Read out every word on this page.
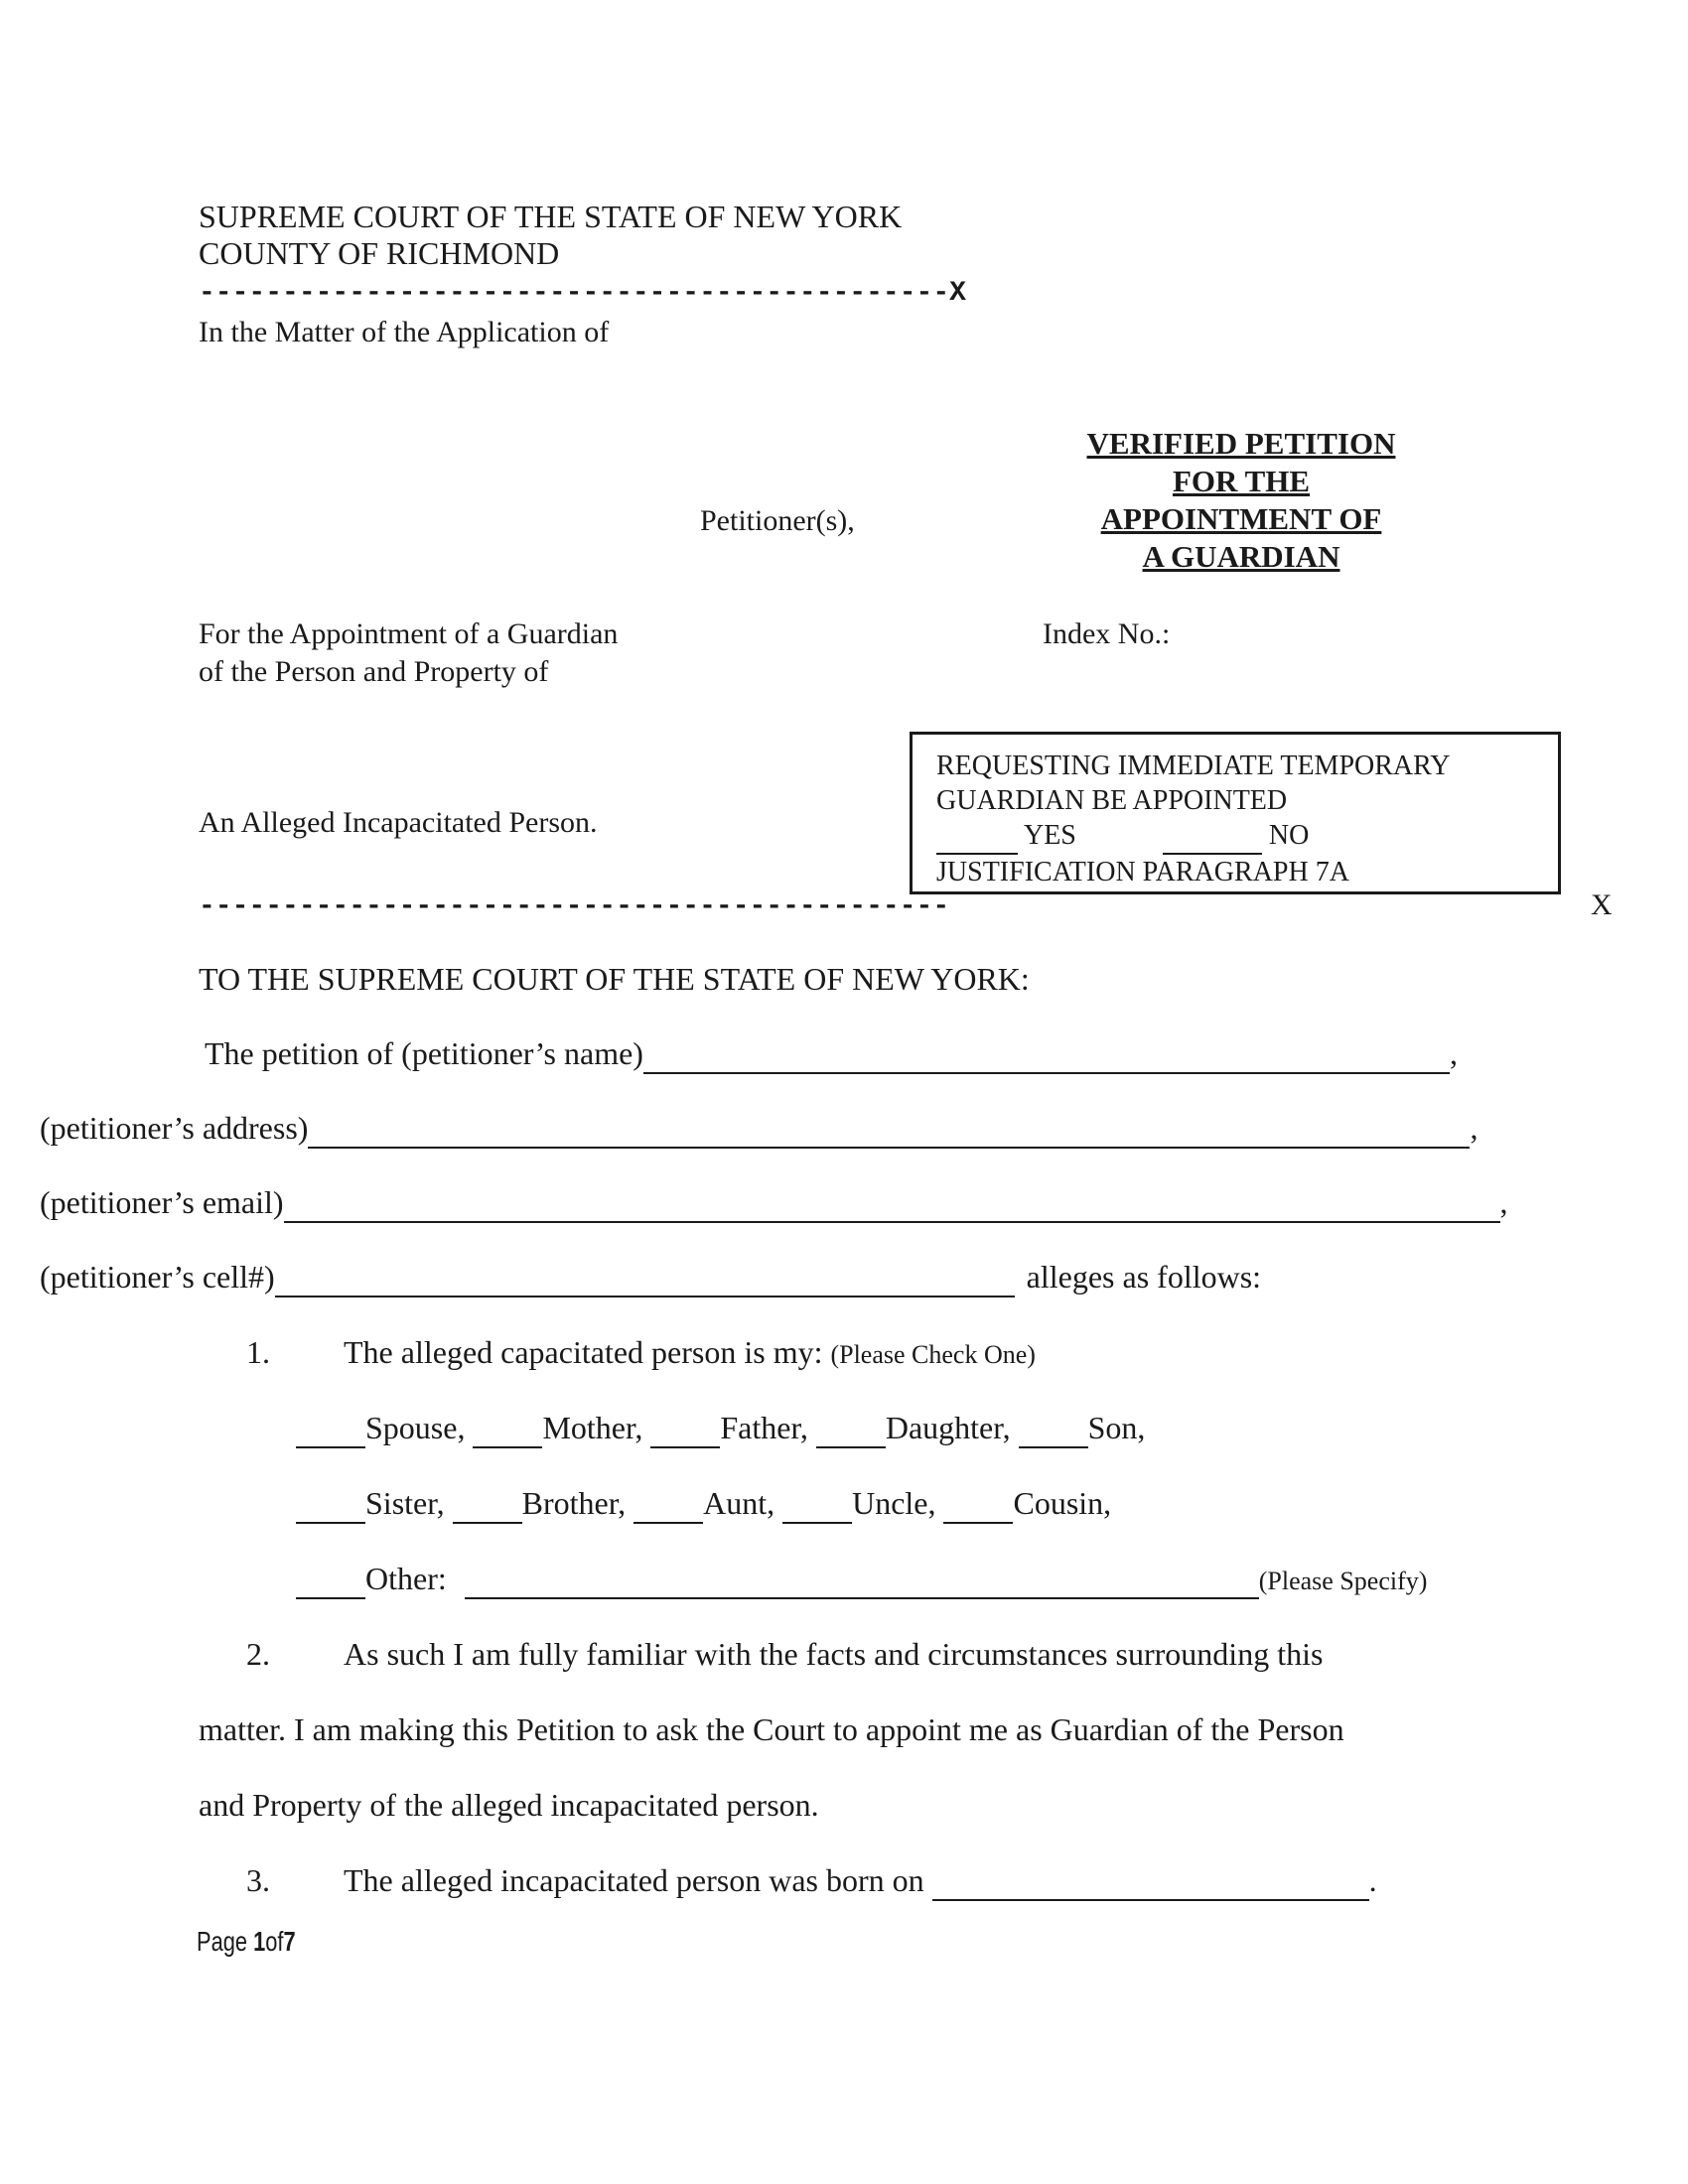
SUPREME COURT OF THE STATE OF NEW YORK
COUNTY OF RICHMOND
---------------------------------------------X
In the Matter of the Application of
VERIFIED PETITION
FOR THE
APPOINTMENT OF
A GUARDIAN
Petitioner(s),
For the Appointment of a Guardian
of the Person and Property of
Index No.:
An Alleged Incapacitated Person.
REQUESTING IMMEDIATE TEMPORARY
GUARDIAN BE APPOINTED
YES	NO
JUSTIFICATION PARAGRAPH 7A
---------------------------------------------	X
TO THE SUPREME COURT OF THE STATE OF NEW YORK:
The petition of (petitioner’s name)	,
(petitioner’s address)	,
(petitioner’s email)	,
(petitioner’s cell#)	alleges as follows:
1. The alleged capacitated person is my: (Please Check One)
Spouse, Mother, Father, Daughter, Son,
Sister, Brother, Aunt, Uncle, Cousin,
Other:	(Please Specify)
2. As such I am fully familiar with the facts and circumstances surrounding this
matter. I am making this Petition to ask the Court to appoint me as Guardian of the Person
and Property of the alleged incapacitated person.
3. The alleged incapacitated person was born on	.
Page 1of7
